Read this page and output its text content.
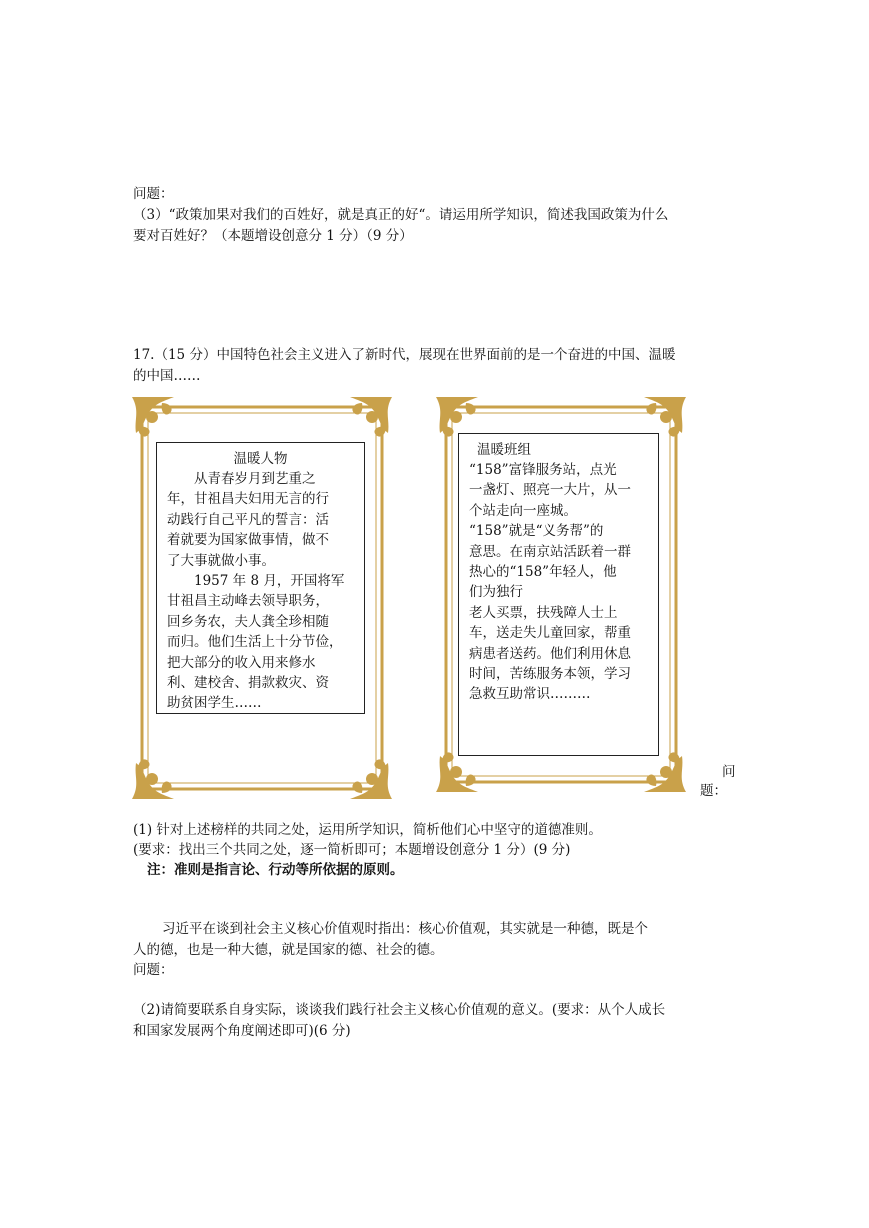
问题：
（3）“政策加果对我们的百姓好，就是真正的好“。请运用所学知识，简述我国政策为什么
要对百姓好？（本题增设创意分 1 分）（9 分）
17.（15 分）中国特色社会主义进入了新时代，展现在世界面前的是一个奋进的中国、温暖
的中国……
温暖人物
　　从青春岁月到艺重之
年，甘祖昌夫妇用无言的行
动践行自己平凡的誓言：活
着就要为国家做事情，做不
了大事就做小事。
　　1957 年 8 月，开国将军
甘祖昌主动峰去领导职务，
回乡务农，夫人龚全珍相随
而归。他们生活上十分节俭，
把大部分的收入用来修水
利、建校舍、捐款救灾、资
助贫困学生……
温暖班组
“158”富锋服务站，点光
一盏灯、照亮一大片，从一
个站走向一座城。
“158”就是“义务帮”的
意思。在南京站活跃着一群
热心的“158”年轻人，他
们为独行
老人买票，扶残障人士上
车，送走失儿童回家，帮重
病患者送药。他们利用休息
时间，苦练服务本领，学习
急救互助常识………
问
题：
(1) 针对上述榜样的共同之处，运用所学知识，简析他们心中坚守的道德准则。
(要求：找出三个共同之处，逐一简析即可；本题增设创意分 1 分）(9 分)
注：准则是指言论、行动等所依据的原则。
习近平在谈到社会主义核心价值观时指出：核心价值观，其实就是一种德，既是个
人的德，也是一种大德，就是国家的德、社会的德。
问题：
（2)请简要联系自身实际，谈谈我们践行社会主义核心价值观的意义。(要求：从个人成长
和国家发展两个角度阐述即可)(6 分)
